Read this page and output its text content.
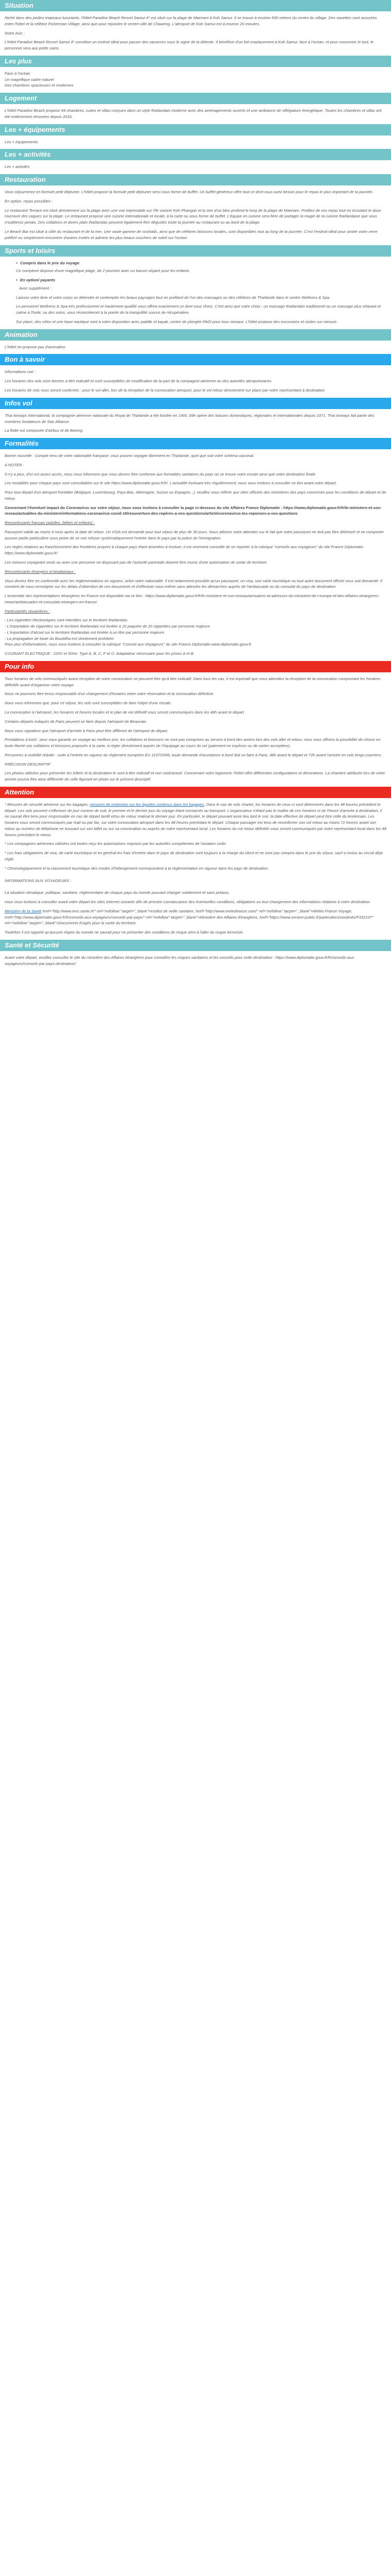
Situation

Niché dans des jardins tropicaux luxuriants, l'hôtel Paradise Beach Resort Samui 4* est situé sur la plage de Maenam à Koh Samui. Il se trouve à environ 500 mètres du centre du village. Des navettes sont assurées entre l'hôtel et la célèbre Fisherman Village, ainsi que pour rejoindre le centre-ville de Chaweng. L'aéroport de Koh Samui est à environ 20 minutes.

Notre Avis :

L'hôtel Paradise Beach Resort Samui 4* constitue un endroit idéal pour passer des vacances sous le signe de la détente. Il bénéficie d'un bel emplacement à Koh Samui, face à l'océan, et pour couronner le tout, le personnel sera aux petits soins.

Les plus
Face à l'océan
Un magnifique cadre naturel
Des chambres spacieuses et modernes
Logement

L'hôtel Paradise Beach propose 94 chambres, suites et villas conçues dans un style thaïlandais moderne avec des aménagements ouverts et une ambiance de villégiature énergétique. Toutes les chambres et villas ont été entièrement rénovées depuis 2018.

Les + équipements

Les + équipements

Les + activités

Les + activités

Restauration

Vous séjournerez en formule petit déjeuner. L'hôtel propose la formule petit déjeuner servi sous forme de buffet. Un buffet généreux offre tout ce dont vous avez besoin pour le repas le plus important de la journée.

En option, repas possibles :

Le restaurant Terrace est situé directement sur la plage avec une vue imprenable sur l'île voisine Koh Phangan et la mer d'un bleu profond le long de la plage de Maenam. Profitez de vos repas tout en écoutant le doux murmure des vagues sur la plage. Le restaurant propose une cuisine internationale et locale, à la carte ou sous forme de buffet. L'équipe en cuisine sera fière de partager la magie de la cuisine thaïlandaise que vous n'oublierez jamais. Des collations et divers plats thaïlandais peuvent également être dégustés toute la journée au restaurant ou au bord de la plage.

Le Beach Bar est situé à côté du restaurant et de la mer. Une vaste gamme de cocktails, ainsi que de célèbres boissons locales, sont disponibles tout au long de la journée. C'est l'endroit idéal pour siroter votre verre préféré ou simplement rencontrer d'autres invités et admirer les plus beaux couchers de soleil sur l'océan.

Sports et loisirs
• Compris dans le prix du voyage

Ce complexe dispose d'une magnifique plage, de 2 piscines avec un bassin séparé pour les enfants.

• En option/ payants

Avec supplément :

Laissez votre âme et votre corps se détendre et contempler les beaux paysages tout en profitant de l'un des massages ou des célèbres de Thaïlande dans le centre Wellness & Spa.

Le personnel Wellness & Spa très professionnel et hautement qualifié vous offrira exactement ce dont vous rêvez. C'est ainsi que votre choix : un massage thaïlandais traditionnel ou un massage plus relaxant et calme à l'huile, ou des soins, vous réconcilieront à la pointe de la tranquillité source de récupération.

Sur place, des vélos et une base nautique sont à votre disposition avec paddle et kayak, centre de plongée PADI pour tous niveaux. L'hôtel propose des excursions et visites sur mesure.

Animation

L'hôtel ne propose pas d'animation.

Bon à savoir

Informations voir :

Les horaires des vols sont donnés à titre indicatif et sont susceptibles de modification de la part de la compagnie aérienne ou des autorités aéroportuaires.

Les horaires de vols vous seront confirmés : pour le vol aller, lors de la réception de la convocation aéroport, pour le vol retour directement sur place par notre représentant à destination.

Infos vol

Thai Airways International, la compagnie aérienne nationale du Royal de Thaïlande a été fondée en 1960. Elle opère des liaisons domestiques, régionales et internationales depuis 1971. Thai Airways fait partie des membres fondateurs de Star Alliance.

La flotte est composée d'Airbus et de Boeing.

Formalités

Bonne nouvelle : Compte tenu de votre nationalité française, vous pouvez voyager librement en Thaïlande, quel que soit votre schéma vaccinal.

A NOTER :

Il n'y a plus, d'ici est assez accès, nous vous informons que vous devrez être conforme aux formalités sanitaires du pays où se trouve votre escale ainsi que votre destination finale.

Les modalités pour chaque pays sont consultables sur le site https://www.diplomatie.gouv.fr/fr/. L'actualité évoluant très régulièrement, nous vous invitons à consulter ce lien avant votre départ.

Pour tout départ d'un aéroport frontalier (Belgique, Luxembourg, Pays-Bas, Allemagne, Suisse ou Espagne...), veuillez vous référer aux sites officiels des ministères des pays concernés pour les conditions de départ et de retour.

Concernant l'éventuel impact du Coronavirus sur votre séjour, nous vous invitons à consulter la page ci-dessous du site Affaires France Diplomatie : https://www.diplomatie.gouv.fr/fr/le-ministere-et-son-reseau/actualites-du-ministere/informations-coronavirus-covid-19/reouverture-des-repères-a-vos-questions/article/coronavirus-les-reponses-a-vos-questions

Ressortissants français (adultes, bébés et enfants) :

Passeport valide au moins 6 mois après la date de retour. Un VISA est demandé pour tout séjour de plus de 30 jours. Nous attirons votre attention sur le fait que votre passeport ne doit pas être détérioré et ne comporter aucune partie particulière sous peine de se voir refuser systématiquement l'entrée dans le pays par la police de l'immigration.

Les règles relatives au franchissement des frontières propres à chaque pays étant amenées à évoluer, il est vivement conseillé de se reporter à la rubrique "conseils aux voyageurs" du site France Diplomatie. https://www.diplomatie.gouv.fr/

Les mineurs voyageant seuls ou avec une personne ne disposant pas de l'autorité parentale doivent être munis d'une autorisation de sortie de territoire.

Ressortissants étrangers et binationaux :

Vous devrez être en conformité avec les réglementations en vigueur, selon votre nationalité. Il est notamment possible qu'un passeport, un visa, une carte touristique ou tout autre document officiel vous soit demandé. Il convient de vous renseigner sur les délais d'obtention de ces documents et d'effectuer vous-même sans attendre les démarches auprès de l'ambassade ou du consulat du pays de destination.

L'ensemble des représentations étrangères en France est disponible via ce lien : https://www.diplomatie.gouv.fr/fr/le-ministere-et-son-reseau/annuaires-et-adresses-du-ministere-de-l-europe-et-des-affaires-etrangeres-meae/ambassades-et-consulats-etrangers-en-france/

Particularités douanières :

- Les cigarettes électroniques sont interdites sur le territoire thaïlandais
- L'importation de cigarettes sur le territoire thaïlandais est limitée à 10 paquets de 20 cigarettes par personne majeure.
- L'importation d'alcool sur le territoire thaïlandais est limitée à un litre par personne majeure.
- La propagation de toute du Bouddha est strictement prohibée.
Pour plus d'informations, nous vous invitons à consulter la rubrique "Conseil aux Voyageurs" du site France Diplomatie www.diplomatie.gouv.fr

COURANT ELECTRIQUE : 220V et 50Hz. Type A, B, C, F et O. Adaptateur nécessaire pour les prises A et B.

Pour info

Tous horaires de vols communiqués avant réception de votre convocation ne peuvent être qu'à titre indicatif. Dans tous les cas, il est impératif que vous attendiez la réception de la convocation comprenant les horaires définitifs avant d'organiser votre voyage.

Nous ne pourrons être tenus responsable d'un changement d'horaires entre votre réservation et la convocation définitive.

Nous vous informons que, pour ce séjour, les vols sont susceptibles de faire l'objet d'une escale.

La convocation à l'aéroport, les horaires et heures locales et le plan de vol définitif vous seront communiqués dans les 48h avant le départ.

Certains départs indiqués de Paris peuvent se faire depuis l'aéroport de Beauvais.

Nous vous signalons que l'aéroport d'arrivée à Paris peut être différent de l'aéroport de départ.

Prestations à bord : pour vous garantir un voyage au meilleur prix, les collations et boissons ne sont pas comprises au service à bord des avions lors des vols aller et retour, nous vous offrons la possibilité de choisir en toute liberté vos collations et boissons proposés à la carte, à régler directement auprès de l'équipage au cours du vol (paiement en espèces ou de cartes acceptées).

Personnes à mobilité réduite : suite à l'entrée en vigueur du règlement européen EU 1107/2006, toute demande d'assistance à bord doit se faire à Paris, 48h avant le départ et 72h avant l'arrivée en vols longs-courriers.

PRÉCISION DESCRIPTIF

Les photos utilisées pour présenter les hôtels et la destination le sont à titre indicatif et non contractuel. Concernant votre logement, l'hôtel offre différentes configurations et décorations. La chambre attribuée lors de votre arrivée pourra être ainsi différente de celle figurant en photo sur le présent descriptif.

Attention

* Mesures de sécurité aérienne sur les bagages: mesures de restriction sur les liquides contenus dans les bagages. Dans le cas de vols charter, les horaires de ceux-ci sont déterminés dans les 48 heures précédent le départ. Les vols peuvent s'effectuer de jour comme de nuit, le premier et le dernier jour du voyage étant consacrés au transport. L'organisateur n'étant pas le maître de ces horaires ni de l'heure d'arrivée à destination, il ne saurait être tenu pour responsable en cas de départ tardif et/ou de retour matinal le dernier jour. En particulier, le départ pouvant avoir lieu tard le soir, la date effective de départ peut être celle du lendemain. Les horaires vous seront communiqués par mail ou par fax, sur votre convocation aéroport dans les 48 heures précédant le départ. Chaque passager est tenu de reconfirmer son vol retour au moins 72 heures avant son retour au numéro de téléphone se trouvant sur son billet ou sur sa convocation ou auprès de notre représentant local. Les horaires du vol retour définitifs vous seront communiqués par notre représentant local dans les 48 heures précédant le retour.

* Les compagnies aériennes utilisées ont toutes reçu les autorisations requises par les autorités compétentes de l'aviation civile.

* Les frais obligatoires de visa, de carte touristique et en général les frais d'entrée dans le pays de destination sont toujours à la charge du client et ne sont pas compris dans le prix du séjour, sauf si inclus au circuit déjà réglé.

* Chronologiquement et la classement touristique des modes d'hébergement correspondent à la réglementation en vigueur dans les pays de destination.

INFORMATIONS AUX VOYAGEURS :

La situation climatique, politique, sanitaire, réglementaire de chaque pays du monde pouvant changer subitement et sans préavis,

nous vous invitons à consulter avant votre départ les sites Internet suivants afin de prendre connaissance des éventuelles conditions, obligations ou tout changement des informations relatives à votre destination.

Ministère de la Santé href="http://www.invs.sante.fr/" rel="nofollow" target="_blank">Institut de veille sanitaire, href="http://www.meteofrance.com/" rel="nofollow" target="_blank">Météo France Voyage, href="http://www.diplomatie.gouv.fr/fr/conseils-aux-voyageurs/conseils-par-pays/" rel="nofollow" target="_blank">Ministère des Affaires Etrangères, href="https://www.service-public.fr/particuliers/vosdroits/F33210?" rel="nofollow" target="_blank">Documents Exigés pour la sortie du territoire.

Toutefois il est rappelé qu'aucune région du monde ne saurait pour ne présenter des conditions de risque zéro à l'aller du risque terroriste.

Santé et Sécurité

Avant votre départ, veuillez consulter le site du ministère des Affaires étrangères pour connaître les risques sanitaires et les conseils pour cette destination : https://www.diplomatie.gouv.fr/fr/conseils-aux-voyageurs/conseils-par-pays-destination/
